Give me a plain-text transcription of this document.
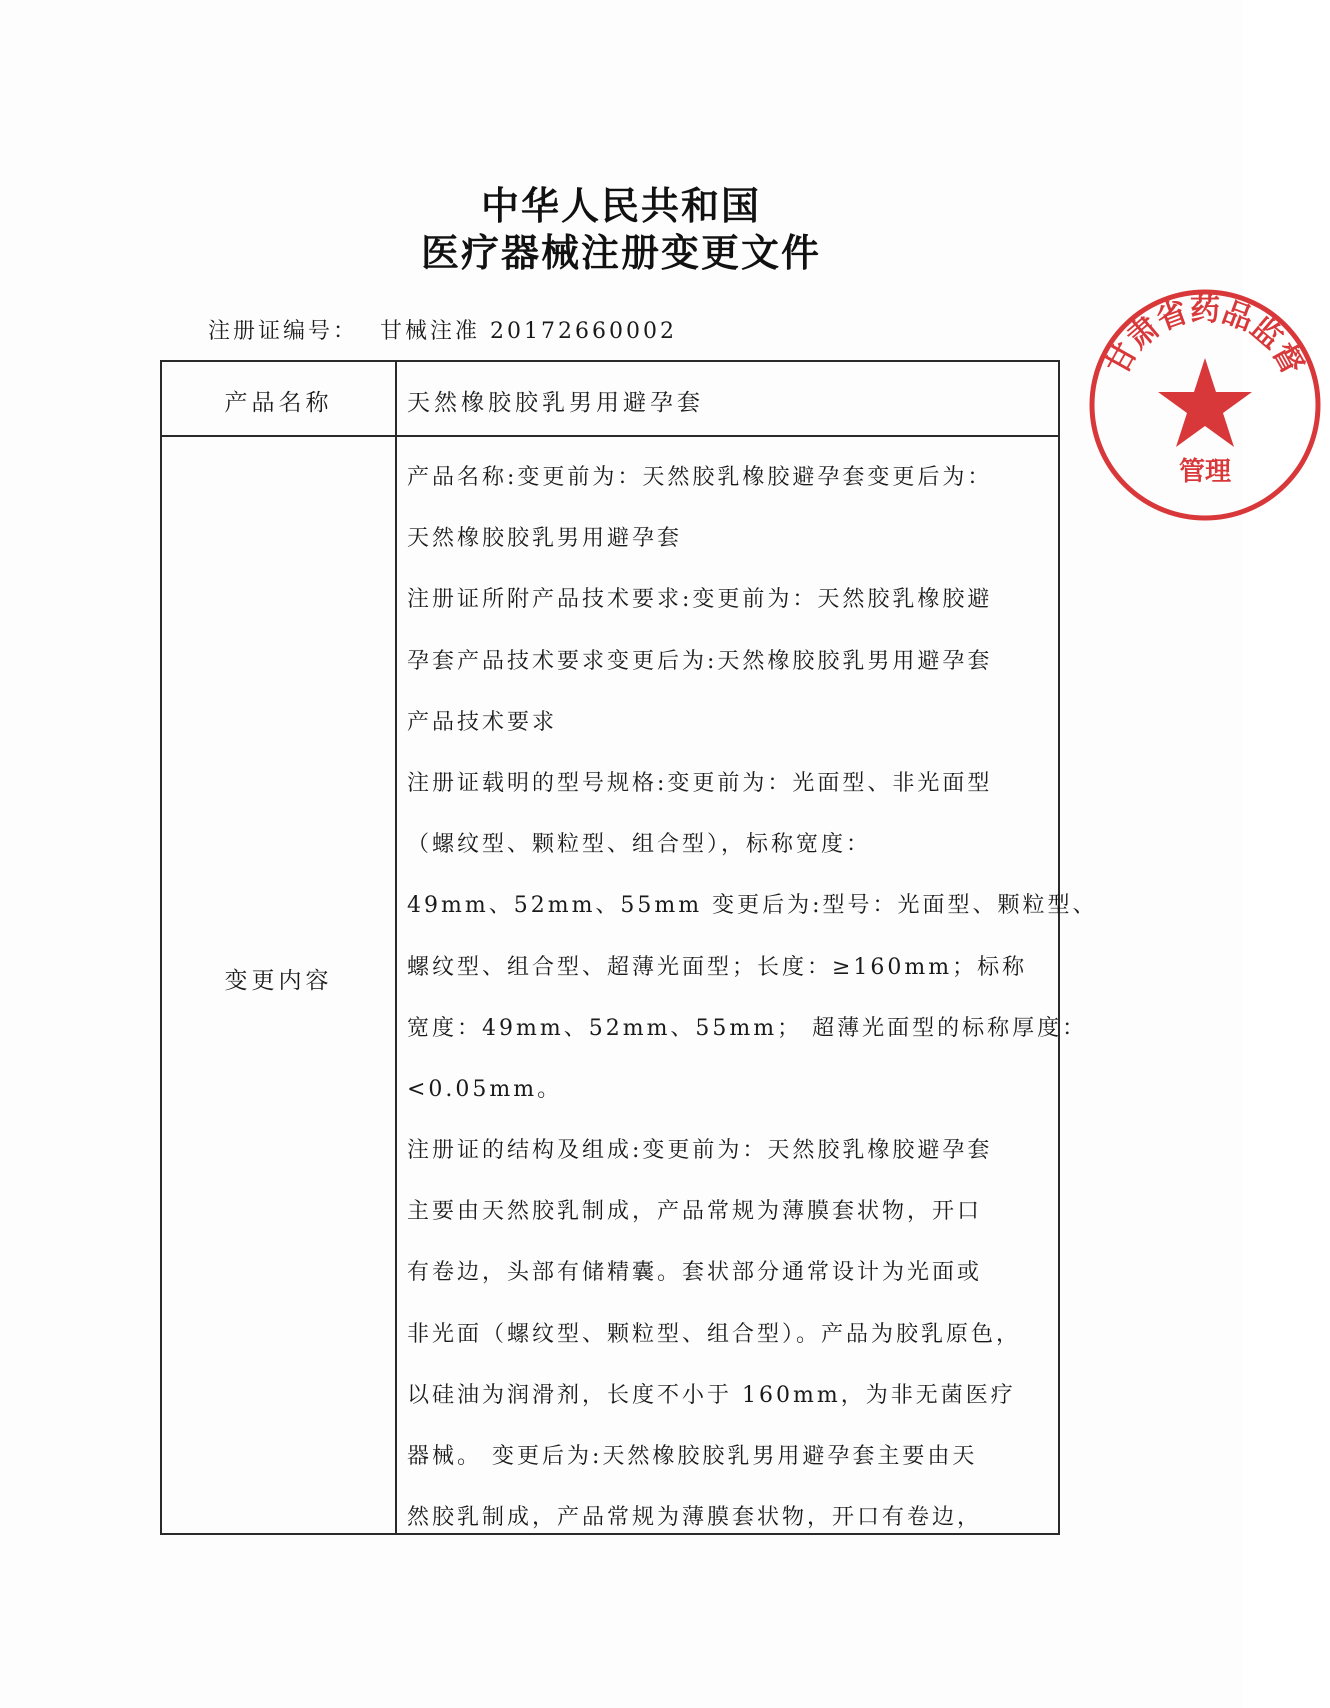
中华人民共和国
医疗器械注册变更文件
注册证编号： 甘械注准 20172660002
产品名称	天然橡胶胶乳男用避孕套
变更内容
产品名称:变更前为：天然胶乳橡胶避孕套变更后为：
天然橡胶胶乳男用避孕套
注册证所附产品技术要求:变更前为：天然胶乳橡胶避
孕套产品技术要求变更后为:天然橡胶胶乳男用避孕套
产品技术要求
注册证载明的型号规格:变更前为：光面型、非光面型
（螺纹型、颗粒型、组合型），标称宽度：
49mm、52mm、55mm 变更后为:型号：光面型、颗粒型、
螺纹型、组合型、超薄光面型；长度：≥160mm；标称
宽度：49mm、52mm、55mm； 超薄光面型的标称厚度：
<0.05mm。
注册证的结构及组成:变更前为：天然胶乳橡胶避孕套
主要由天然胶乳制成，产品常规为薄膜套状物，开口
有卷边，头部有储精囊。套状部分通常设计为光面或
非光面（螺纹型、颗粒型、组合型）。产品为胶乳原色，
以硅油为润滑剂，长度不小于 160mm，为非无菌医疗
器械。 变更后为:天然橡胶胶乳男用避孕套主要由天
然胶乳制成，产品常规为薄膜套状物，开口有卷边，
甘肃省药品监督
管理
